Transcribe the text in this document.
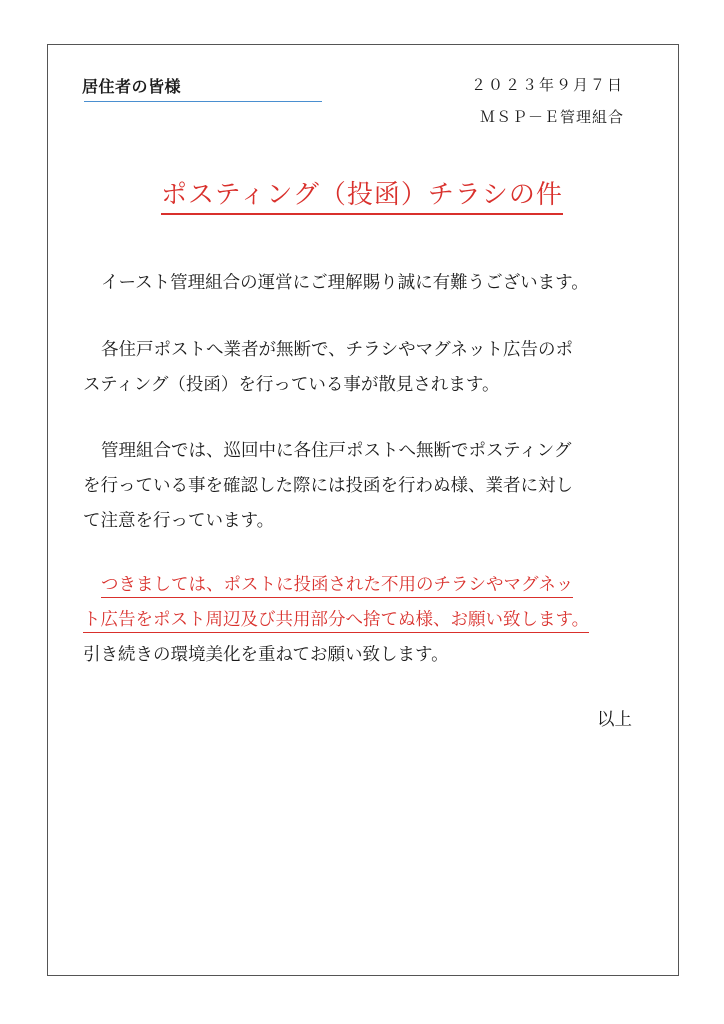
居住者の皆様	２０２３年９月７日
ＭＳＰ－Ｅ管理組合
ポスティング（投函）チラシの件
イースト管理組合の運営にご理解賜り誠に有難うございます。
各住戸ポストへ業者が無断で、チラシやマグネット広告のポ
スティング（投函）を行っている事が散見されます。
管理組合では、巡回中に各住戸ポストへ無断でポスティング
を行っている事を確認した際には投函を行わぬ様、業者に対し
て注意を行っています。
つきましては、ポストに投函された不用のチラシやマグネッ
ト広告をポスト周辺及び共用部分へ捨てぬ様、お願い致します。
引き続きの環境美化を重ねてお願い致します。
以上
